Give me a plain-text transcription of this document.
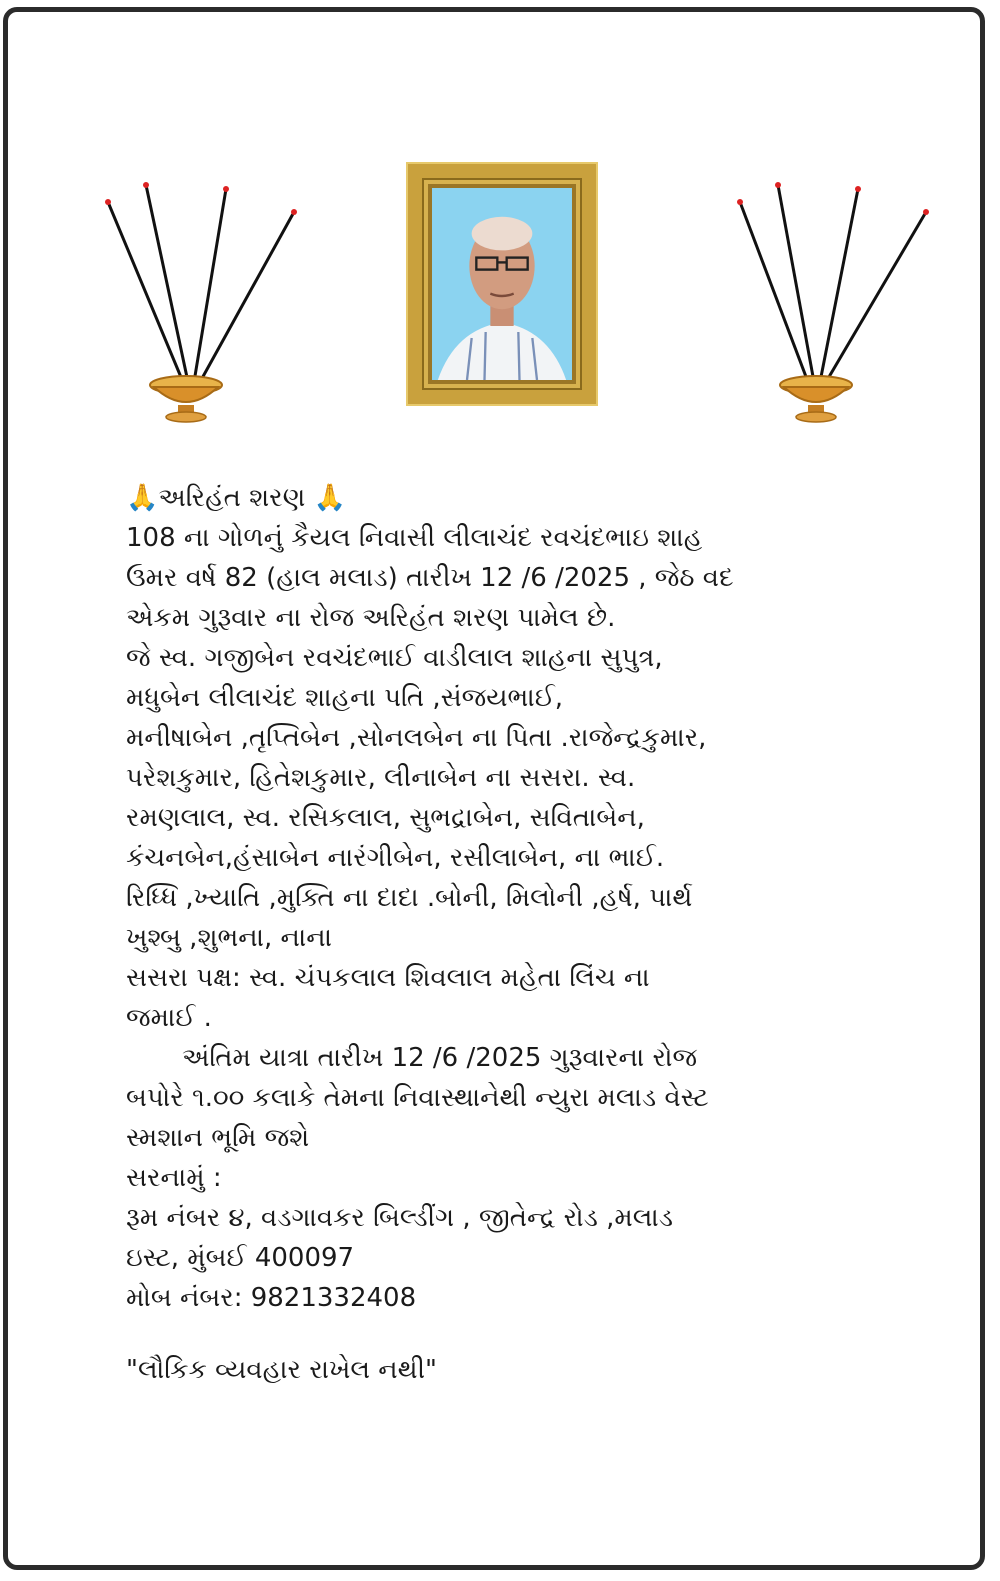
🙏અરિહંત શરણ 🙏
108 ના ગોળનું કૈયલ નિવાસી લીલાચંદ રવચંદભાઇ શાહ
ઉમર વર્ષ 82 (હાલ મલાડ) તારીખ 12 /6 /2025 , જેઠ વદ
એકમ ગુરૂવાર ના રોજ અરિહંત શરણ પામેલ છે.
જે સ્વ. ગજીબેન રવચંદભાઈ વાડીલાલ શાહના સુપુત્ર,
મધુબેન લીલાચંદ શાહના પતિ ,સંજયભાઈ,
મનીષાબેન ,તૃપ્તિબેન ,સોનલબેન ના પિતા .રાજેન્દ્રકુમાર,
પરેશકુમાર, હિતેશકુમાર, લીનાબેન ના સસરા. સ્વ.
રમણલાલ, સ્વ. રસિકલાલ, સુભદ્રાબેન, સવિતાબેન,
કંચનબેન,હંસાબેન નારંગીબેન, રસીલાબેન, ના ભાઈ.
રિધ્ધિ ,ખ્યાતિ ,મુક્તિ ના દાદા .બોની, મિલોની ,હર્ષ, પાર્થ
ખુશ્બુ ,શુભના, નાના
સસરા પક્ષ: સ્વ. ચંપકલાલ શિવલાલ મહેતા લિંચ ના
જમાઈ .
અંતિમ યાત્રા તારીખ 12 /6 /2025 ગુરૂવારના રોજ
બપોરે ૧.૦૦ કલાકે તેમના નિવાસ્થાનેથી ન્યુરા મલાડ વેસ્ટ
સ્મશાન ભૂમિ જશે
સરનામું :
રૂમ નંબર ૪, વડગાવકર બિલ્ડીંગ , જીતેન્દ્ર રોડ ,મલાડ
ઇસ્ટ, મુંબઈ 400097
મોબ નંબર: 9821332408
"લૌકિક વ્યવહાર રાખેલ નથી"
